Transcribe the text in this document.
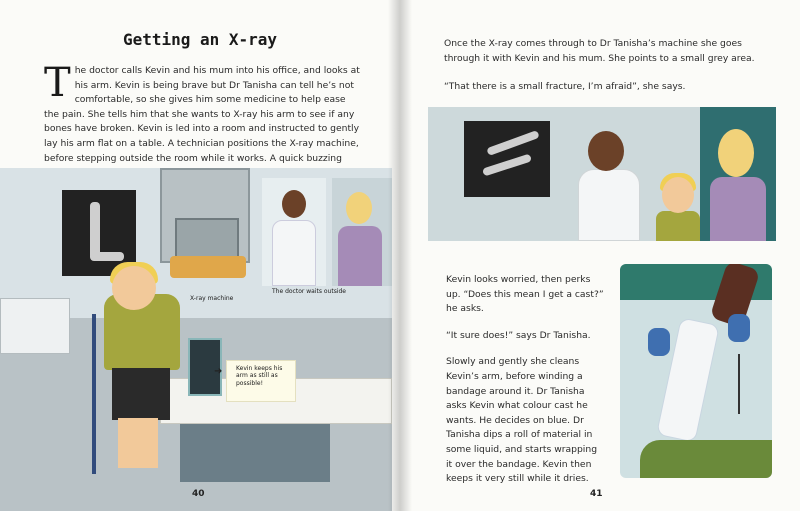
Getting an X-ray
The doctor calls Kevin and his mum into his office, and looks at his arm. Kevin is being brave but Dr Tanisha can tell he’s not comfortable, so she gives him some medicine to help ease the pain. She tells him that she wants to X-ray his arm to see if any bones have broken. Kevin is led into a room and instructed to gently lay his arm flat on a table. A technician positions the X-ray machine, before stepping outside the room while it works. A quick buzzing
X-ray machine
The doctor waits outside
➜ Kevin keeps his arm as still as possible!
40
Once the X-ray comes through to Dr Tanisha’s machine she goes through it with Kevin and his mum. She points to a small grey area.
“That there is a small fracture, I’m afraid”, she says.

Kevin looks worried, then perks up. “Does this mean I get a cast?” he asks.

“It sure does!” says Dr Tanisha.

Slowly and gently she cleans Kevin’s arm, before winding a bandage around it. Dr Tanisha asks Kevin what colour cast he wants. He decides on blue. Dr Tanisha dips a roll of material in some liquid, and starts wrapping it over the bandage. Kevin then keeps it very still while it dries.

41
